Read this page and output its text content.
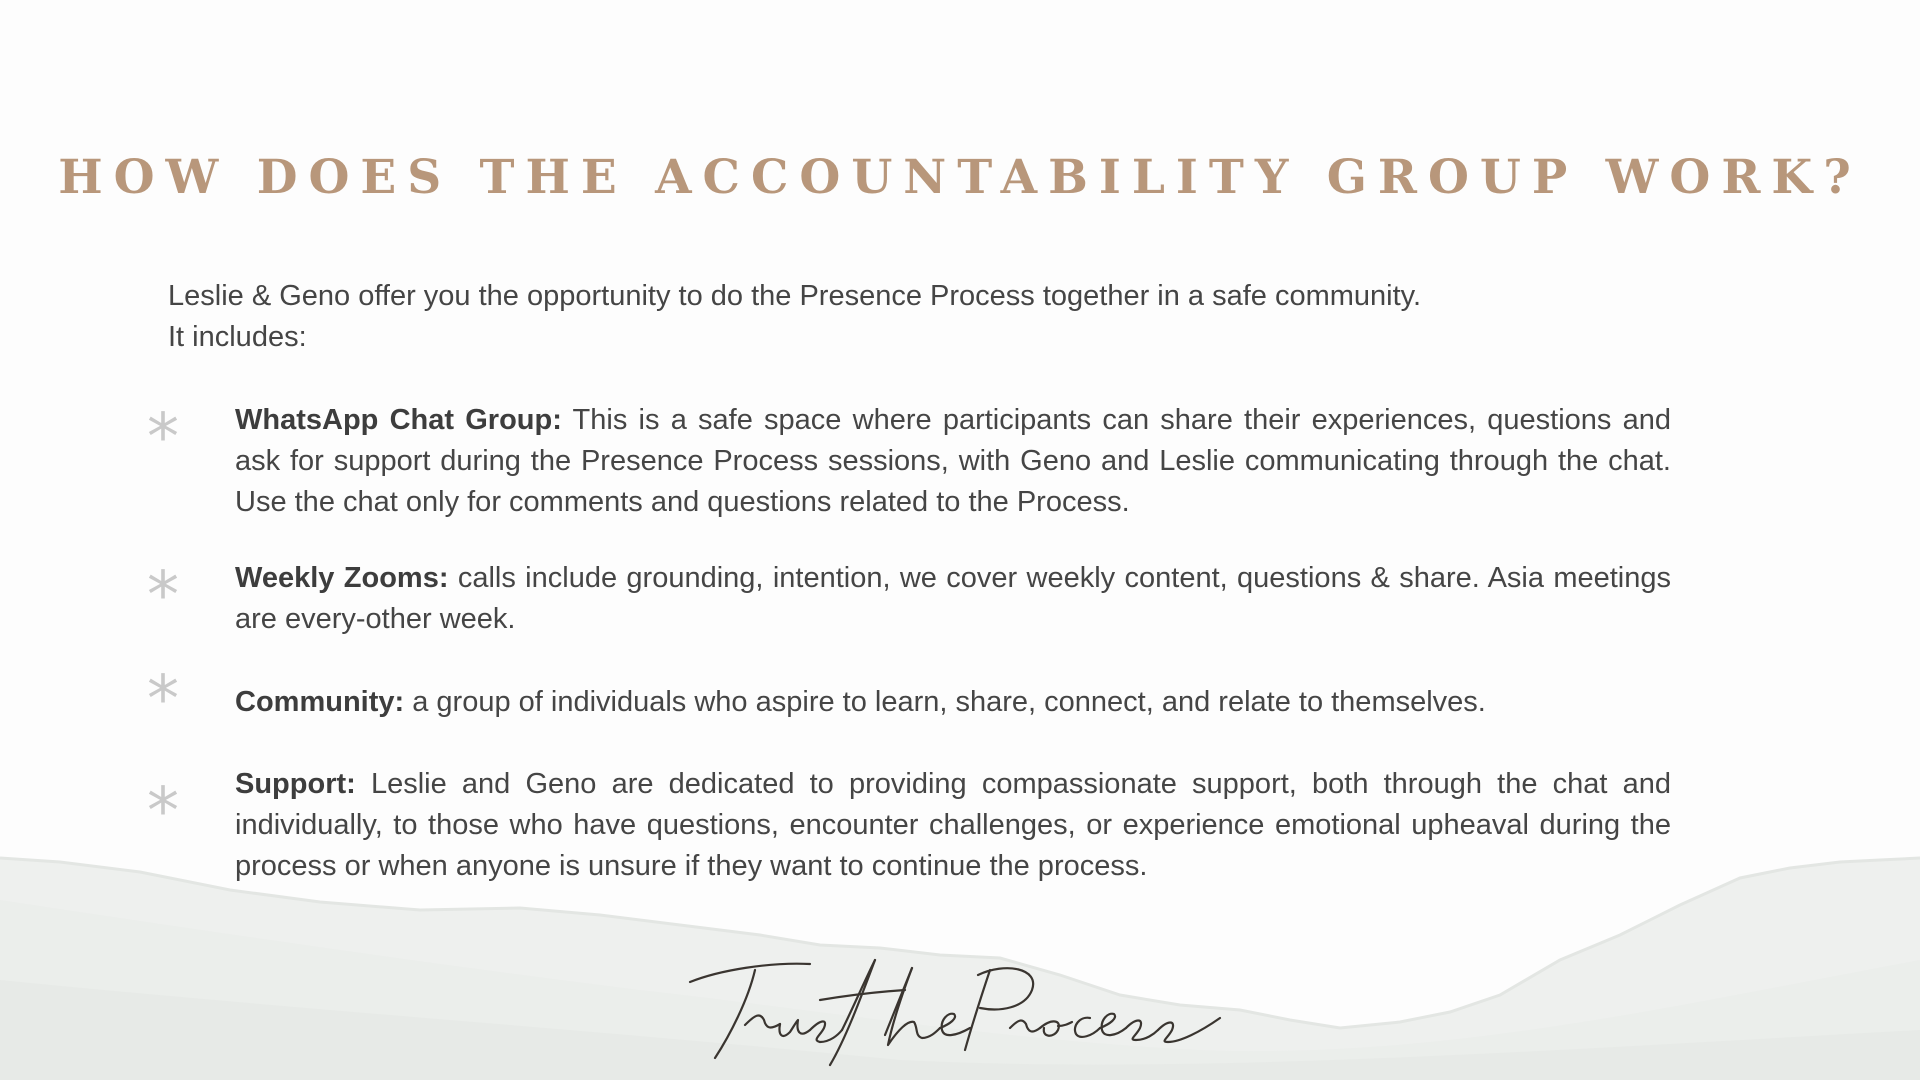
HOW DOES THE ACCOUNTABILITY GROUP WORK?
Leslie & Geno offer you the opportunity to do the Presence Process together in a safe community.
It includes:
* WhatsApp Chat Group: This is a safe space where participants can share their experiences, questions and ask for support during the Presence Process sessions, with Geno and Leslie communicating through the chat. Use the chat only for comments and questions related to the Process.

* Weekly Zooms: calls include grounding, intention, we cover weekly content, questions & share. Asia meetings are every-other week.

* Community: a group of individuals who aspire to learn, share, connect, and relate to themselves.

* Support: Leslie and Geno are dedicated to providing compassionate support, both through the chat and individually, to those who have questions, encounter challenges, or experience emotional upheaval during the process or when anyone is unsure if they want to continue the process.
